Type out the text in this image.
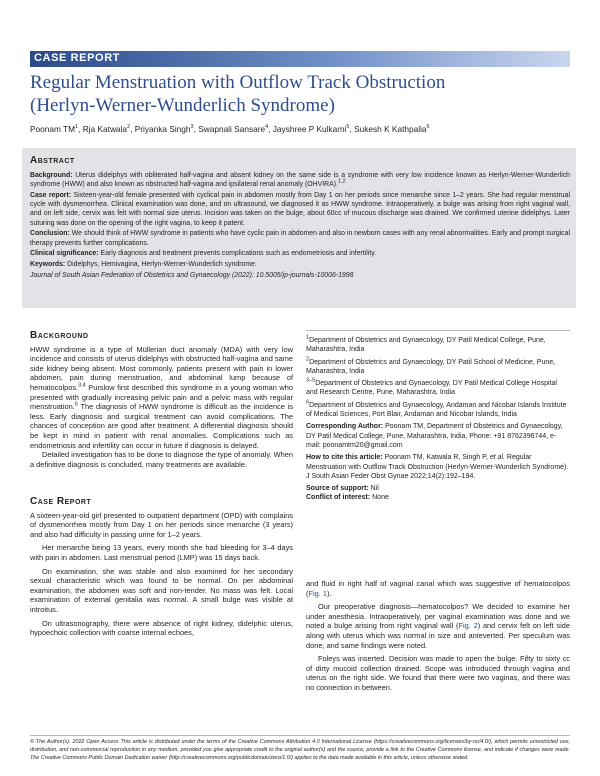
CASE REPORT
Regular Menstruation with Outflow Track Obstruction
(Herlyn-Werner-Wunderlich Syndrome)
Poonam $TM^1$, Rja Katwala$^2$, Priyanka Singh$^3$, Swapnali Sansare$^4$, Jayshree P Kulkarni$^5$, Sukesh K Kathpalia$^6$
Abstract

Background: Uterus didelphys with obliterated half-vagina and absent kidney on the same side is a syndrome with very low incidence known as Herlyn-Werner-Wunderlich syndrome (HWW) and also known as obstructed half-vagina and ipsilateral renal anomaly (OHVIRA).$^{1,2}$

Case report: Sixteen-year-old female presented with cyclical pain in abdomen mostly from Day 1 on her periods since menarche since 1–2 years. She had regular menstrual cycle with dysmenorrhea. Clinical examination was done, and on ultrasound, we diagnosed it as HWW syndrome. Intraoperatively, a bulge was arising from right vaginal wall, and on left side, cervix was felt with normal size uterus. Incision was taken on the bulge, about 60cc of mucous discharge was drained. We confirmed uterine didelphys. Later suturing was done on the opening of the right vagina, to keep it patent.

Conclusion: We should think of HWW syndrome in patients who have cyclic pain in abdomen and also in newborn cases with any renal abnormalities. Early and prompt surgical therapy prevents further complications.

Clinical significance: Early diagnosis and treatment prevents complications such as endometriosis and infertility.

Keywords: Didelphys, Hemivagina, Herlyn-Werner-Wunderlich syndrome.

Journal of South Asian Federation of Obstetrics and Gynaecology (2022): 10.5005/jp-journals-10006-1998

Background

HWW syndrome is a type of Müllerian duct anomaly (MDA) with very low incidence and consists of uterus didelphys with obstructed half-vagina and same side kidney being absent. Most commonly, patients present with pain in lower abdomen, pain during menstruation, and abdominal lump because of hematocolpos.$^{3,4}$ Purslow first described this syndrome in a young woman who presented with gradually increasing pelvic pain and a pelvic mass with regular menstruation.$^5$ The diagnosis of HWW syndrome is difficult as the incidence is less. Early diagnosis and surgical treatment can avoid complications. The chances of conception are good after treatment. A differential diagnosis should be kept in mind in patient with renal anomalies. Complications such as endometriosis and infertility can occur in future if diagnosis is delayed.

Detailed investigation has to be done to diagnose the type of anomaly. When a definitive diagnosis is concluded, many treatments are available.

$^1$Department of Obstetrics and Gynaecology, DY Patil Medical College, Pune, Maharashtra, India

$^2$Department of Obstetrics and Gynaecology, DY Patil School of Medicine, Pune, Maharashtra, India

$^{3-5}$Department of Obstetrics and Gynaecology, DY Patil Medical College Hospital and Research Centre, Pune, Maharashtra, India

$^6$Department of Obstetrics and Gynaecology, Andaman and Nicobar Islands Institute of Medical Sciences, Port Blair, Andaman and Nicobar Islands, India

Corresponding Author: Poonam TM, Department of Obstetrics and Gynaecology, DY Patil Medical College, Pune, Maharashtra, India, Phone: +91 8762396744, e-mail: poonamtm20@gmail.com

How to cite this article: Poonam TM, Katwala R, Singh P, et al. Regular Menstruation with Outflow Track Obstruction (Herlyn-Werner-Wunderlich Syndrome). J South Asian Feder Obst Gynae 2022;14(2):192–194.

Source of support: Nil

Conflict of interest: None

Case Report

A sixteen-year-old girl presented to outpatient department (OPD) with complains of dysmenorrhea mostly from Day 1 on her periods since menarche (3 years) and also had difficulty in passing urine for 1–2 years.

Her menarche being 13 years, every month she had bleeding for 3–4 days with pain in abdomen. Last menstrual period (LMP) was 15 days back.

On examination, she was stable and also examined for her secondary sexual characteristic which was found to be normal. On per abdominal examination, the abdomen was soft and non-tender. No mass was felt. Local examination of external genitalia was normal. A small bulge was visible at introitus.

On ultrasonography, there were absence of right kidney, didelphic uterus, hypoechoic collection with coarse internal echoes,

and fluid in right half of vaginal canal which was suggestive of hematocolpos (Fig. 1).

Our preoperative diagnosis—hematocolpos? We decided to examine her under anesthesia. Intraoperatively, per vaginal examination was done and we noted a bulge arising from right vaginal wall (Fig. 2) and cervix felt on left side along with uterus which was normal in size and anteverted. Per speculum was done, and same findings were noted.

Foleys was inserted. Decision was made to open the bulge. Fifty to sixty cc of dirty mucoid collection drained. Scope was introduced through vagina and uterus on the right side. We found that there were two vaginas, and there was no connection in between.

© The Author(s). 2022 Open Access This article is distributed under the terms of the Creative Commons Attribution 4.0 International License (https://creativecommons.org/licenses/by-nc/4.0/), which permits unrestricted use, distribution, and non-commercial reproduction in any medium, provided you give appropriate credit to the original author(s) and the source, provide a link to the Creative Commons license, and indicate if changes were made. The Creative Commons Public Domain Dedication waiver (http://creativecommons.org/publicdomain/zero/1.0/) applies to the data made available in this article, unless otherwise stated.
